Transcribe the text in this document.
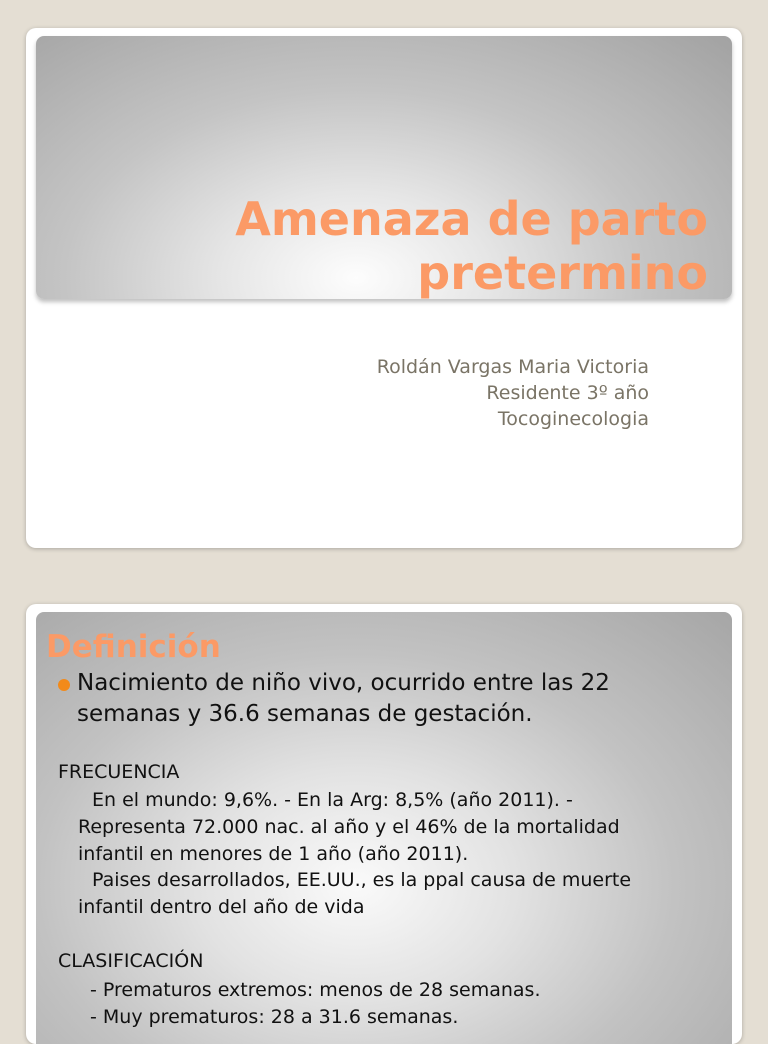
Amenaza de parto
pretermino
Roldán Vargas Maria Victoria
Residente 3º año
Tocoginecologia
Definición
Nacimiento de niño vivo, ocurrido entre las 22 semanas y 36.6 semanas de gestación.
FRECUENCIA
En el mundo: 9,6%. - En la Arg: 8,5% (año 2011). -
Representa 72.000 nac. al año y el 46% de la mortalidad
infantil en menores de 1 año (año 2011).
Paises desarrollados, EE.UU., es la ppal causa de muerte
infantil dentro del año de vida
CLASIFICACIÓN
- Prematuros extremos: menos de 28 semanas.
- Muy prematuros: 28 a 31.6 semanas.
